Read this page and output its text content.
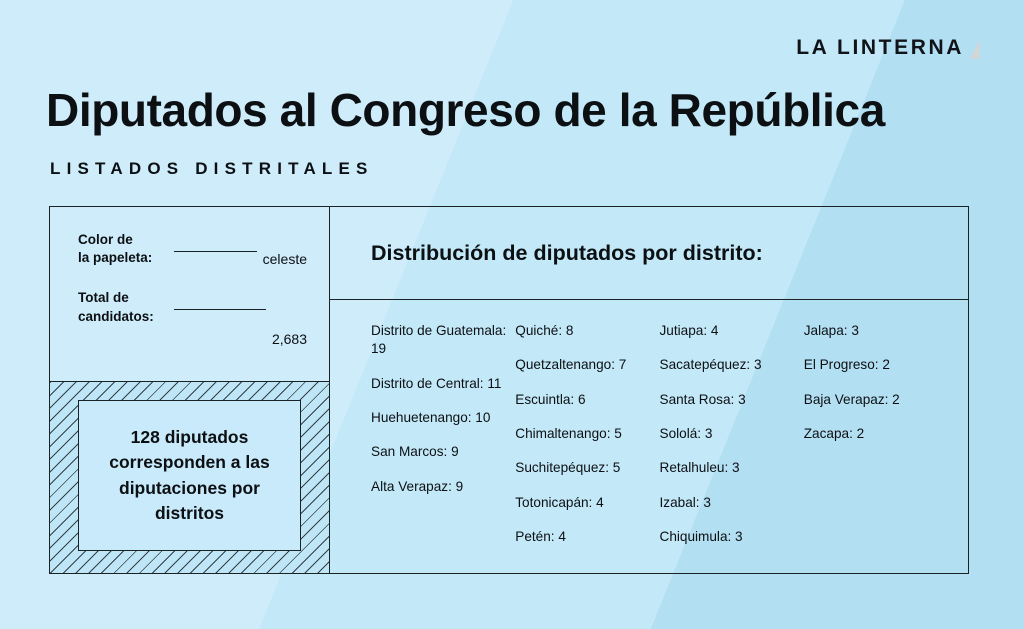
LA LINTERNA
Diputados al Congreso de la República
LISTADOS DISTRITALES
Color de
la papeleta:	celeste
Total de
candidatos:
2,683
128 diputados corresponden a las diputaciones por distritos
Distribución de diputados por distrito:
Distrito de Guatemala: 19
Distrito de Central: 11
Huehuetenango: 10
San Marcos: 9
Alta Verapaz: 9
Quiché: 8
Quetzaltenango: 7
Escuintla: 6
Chimaltenango: 5
Suchitepéquez: 5
Totonicapán: 4
Petén: 4
Jutiapa: 4
Sacatepéquez: 3
Santa Rosa: 3
Sololá: 3
Retalhuleu: 3
Izabal: 3
Chiquimula: 3
Jalapa: 3
El Progreso: 2
Baja Verapaz: 2
Zacapa: 2
